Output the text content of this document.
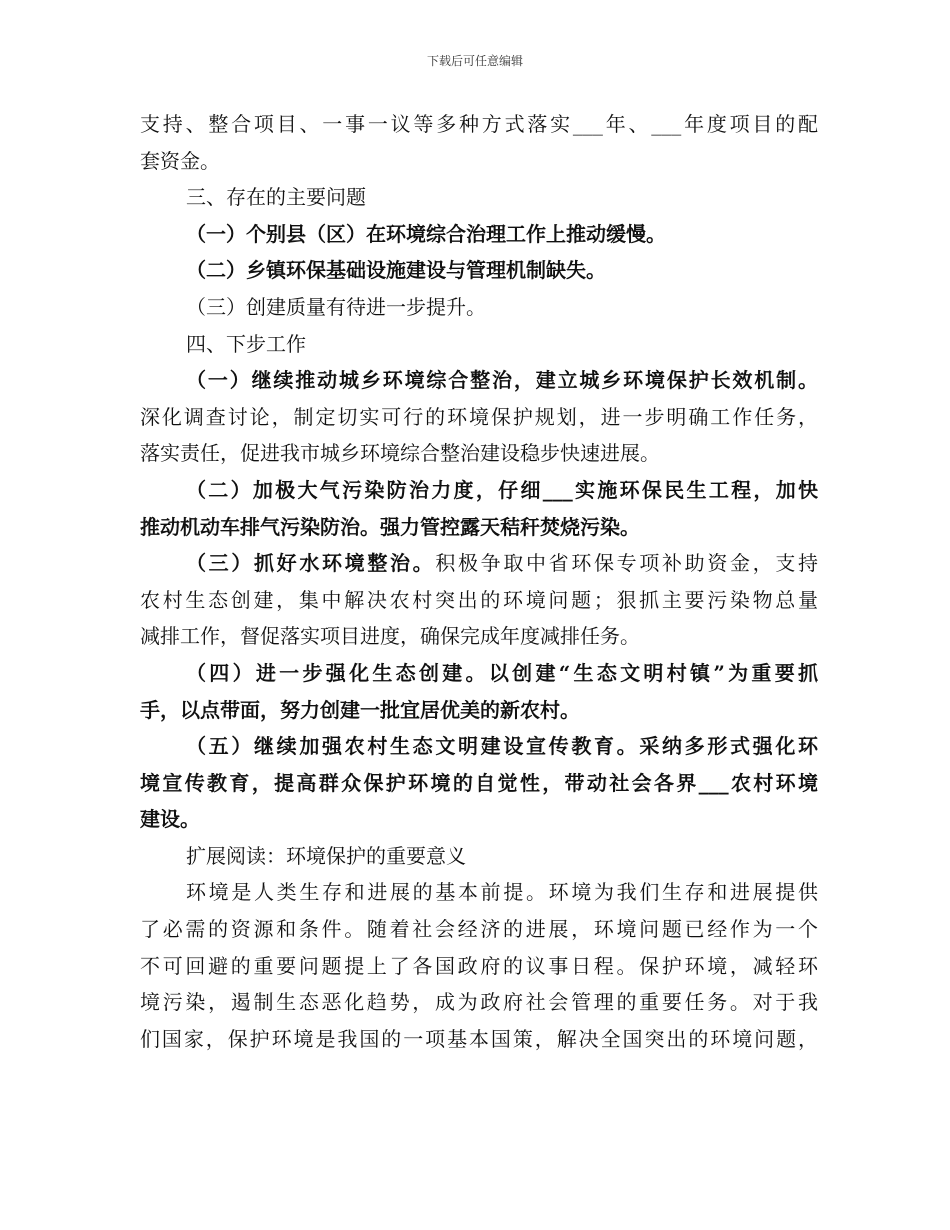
下载后可任意编辑
支持、整合项目、一事一议等多种方式落实___年、___年度项目的配
套资金。
三、存在的主要问题
（一）个别县（区）在环境综合治理工作上推动缓慢。
（二）乡镇环保基础设施建设与管理机制缺失。
（三）创建质量有待进一步提升。
四、下步工作
（一）继续推动城乡环境综合整治，建立城乡环境保护长效机制。
深化调查讨论，制定切实可行的环境保护规划，进一步明确工作任务，
落实责任，促进我市城乡环境综合整治建设稳步快速进展。
（二）加极大气污染防治力度，仔细___实施环保民生工程，加快
推动机动车排气污染防治。强力管控露天秸秆焚烧污染。
（三）抓好水环境整治。积极争取中省环保专项补助资金，支持
农村生态创建，集中解决农村突出的环境问题；狠抓主要污染物总量
减排工作，督促落实项目进度，确保完成年度减排任务。
（四）进一步强化生态创建。以创建“生态文明村镇”为重要抓
手，以点带面，努力创建一批宜居优美的新农村。
（五）继续加强农村生态文明建设宣传教育。采纳多形式强化环
境宣传教育，提高群众保护环境的自觉性，带动社会各界___农村环境
建设。
扩展阅读：环境保护的重要意义
环境是人类生存和进展的基本前提。环境为我们生存和进展提供
了必需的资源和条件。随着社会经济的进展，环境问题已经作为一个
不可回避的重要问题提上了各国政府的议事日程。保护环境，减轻环
境污染，遏制生态恶化趋势，成为政府社会管理的重要任务。对于我
们国家，保护环境是我国的一项基本国策，解决全国突出的环境问题，
